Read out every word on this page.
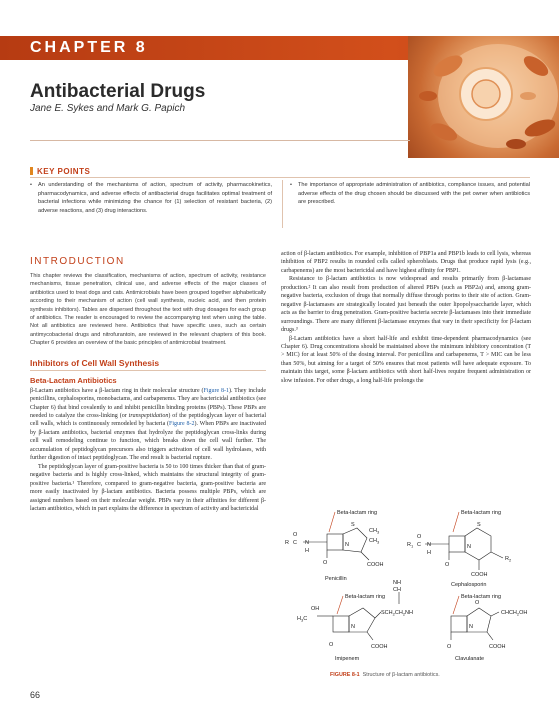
CHAPTER 8
Antibacterial Drugs
Jane E. Sykes and Mark G. Papich
KEY POINTS
• An understanding of the mechanisms of action, spectrum of activity, pharmacokinetics, pharmacodynamics, and adverse effects of antibacterial drugs facilitates optimal treatment of bacterial infections while minimizing the chance for (1) selection of resistant bacteria, (2) adverse reactions, and (3) drug interactions.
• The importance of appropriate administration of antibiotics, compliance issues, and potential adverse effects of the drug chosen should be discussed with the pet owner when antibiotics are prescribed.
INTRODUCTION

This chapter reviews the classification, mechanisms of action, spectrum of activity, resistance mechanisms, tissue penetration, clinical use, and adverse effects of the major classes of antibiotics used to treat dogs and cats. Antimicrobials have been grouped together alphabetically according to their mechanism of action (cell wall synthesis, nucleic acid, and then protein synthesis inhibitors). Tables are dispersed throughout the text with drug dosages for each group of antibiotics. The reader is encouraged to review the accompanying text when using the table. Not all antibiotics are reviewed here. Antibiotics that have specific uses, such as certain antimycobacterial drugs and nitrofurantoin, are reviewed in the relevant chapters of this book. Chapter 6 provides an overview of the basic principles of antimicrobial treatment.

Inhibitors of Cell Wall Synthesis
Beta-Lactam Antibiotics

β-Lactam antibiotics have a β-lactam ring in their molecular structure (Figure 8-1). They include penicillins, cephalosporins, monobactams, and carbapenems. They are bactericidal antibiotics (see Chapter 6) that bind covalently to and inhibit penicillin binding proteins (PBPs). These PBPs are needed to catalyze the cross-linking (or transpeptidation) of the peptidoglycan layer of bacterial cell walls, which is continuously remodeled by bacteria (Figure 8-2). When PBPs are inactivated by β-lactam antibiotics, bacterial enzymes that hydrolyze the peptidoglycan cross-links during cell wall remodeling continue to function, which breaks down the cell wall further. The accumulation of peptidoglycan precursors also triggers activation of cell wall hydrolases, with further digestion of intact peptidoglycan. The end result is bacterial rupture.

The peptidoglycan layer of gram-positive bacteria is 50 to 100 times thicker than that of gram-negative bacteria and is highly cross-linked, which maintains the structural integrity of gram-positive bacteria.¹ Therefore, compared to gram-negative bacteria, gram-positive bacteria are more easily inactivated by β-lactam antibiotics. Bacteria possess multiple PBPs, which are assigned numbers based on their molecular weight. PBPs vary in their affinities for different β-lactam antibiotics, which in part explains the difference in spectrum of activity and bactericidal

action of β-lactam antibiotics. For example, inhibition of PBP1a and PBP1b leads to cell lysis, whereas inhibition of PBP2 results in rounded cells called spheroblasts. Drugs that produce rapid lysis (e.g., carbapenems) are the most bactericidal and have highest affinity for PBP1.

Resistance to β-lactam antibiotics is now widespread and results primarily from β-lactamase production.² It can also result from production of altered PBPs (such as PBP2a) and, among gram-negative bacteria, exclusion of drugs that normally diffuse through porins to their site of action. Gram-negative β-lactamases are strategically located just beneath the outer lipopolysaccharide layer, which acts as the barrier to drug penetration. Gram-positive bacteria secrete β-lactamases into their immediate surroundings. There are many different β-lactamase enzymes that vary in their specificity for β-lactam drugs.³

β-Lactam antibiotics have a short half-life and exhibit time-dependent pharmacodynamics (see Chapter 6). Drug concentrations should be maintained above the minimum inhibitory concentration (T > MIC) for at least 50% of the dosing interval. For penicillins and carbapenems, T > MIC can be less than 50%, but aiming for a target of 50% ensures that most patients will have adequate exposure. To maintain this target, some β-lactam antibiotics with short half-lives require frequent administration or slow infusion. For other drugs, a long half-life prolongs the

Beta-lactam ring	Beta-lactam ring
Beta-lactam ring	Beta-lactam ring
R C
O
N
H
O
N
S
$CH_3$
$CH_3$
COOH
Penicillin
$R_1$ C
O
N
H
O
N
S
$R_2$
COOH
Cephalosporin
NH
CH
OH
$H_3C$
$SCH_2CH_2NH$
O
N
COOH
Imipenem
O
$CHCH_2OH$
O
N
COOH
Clavulanate
FIGURE 8-1 Structure of β-lactam antibiotics.
66
